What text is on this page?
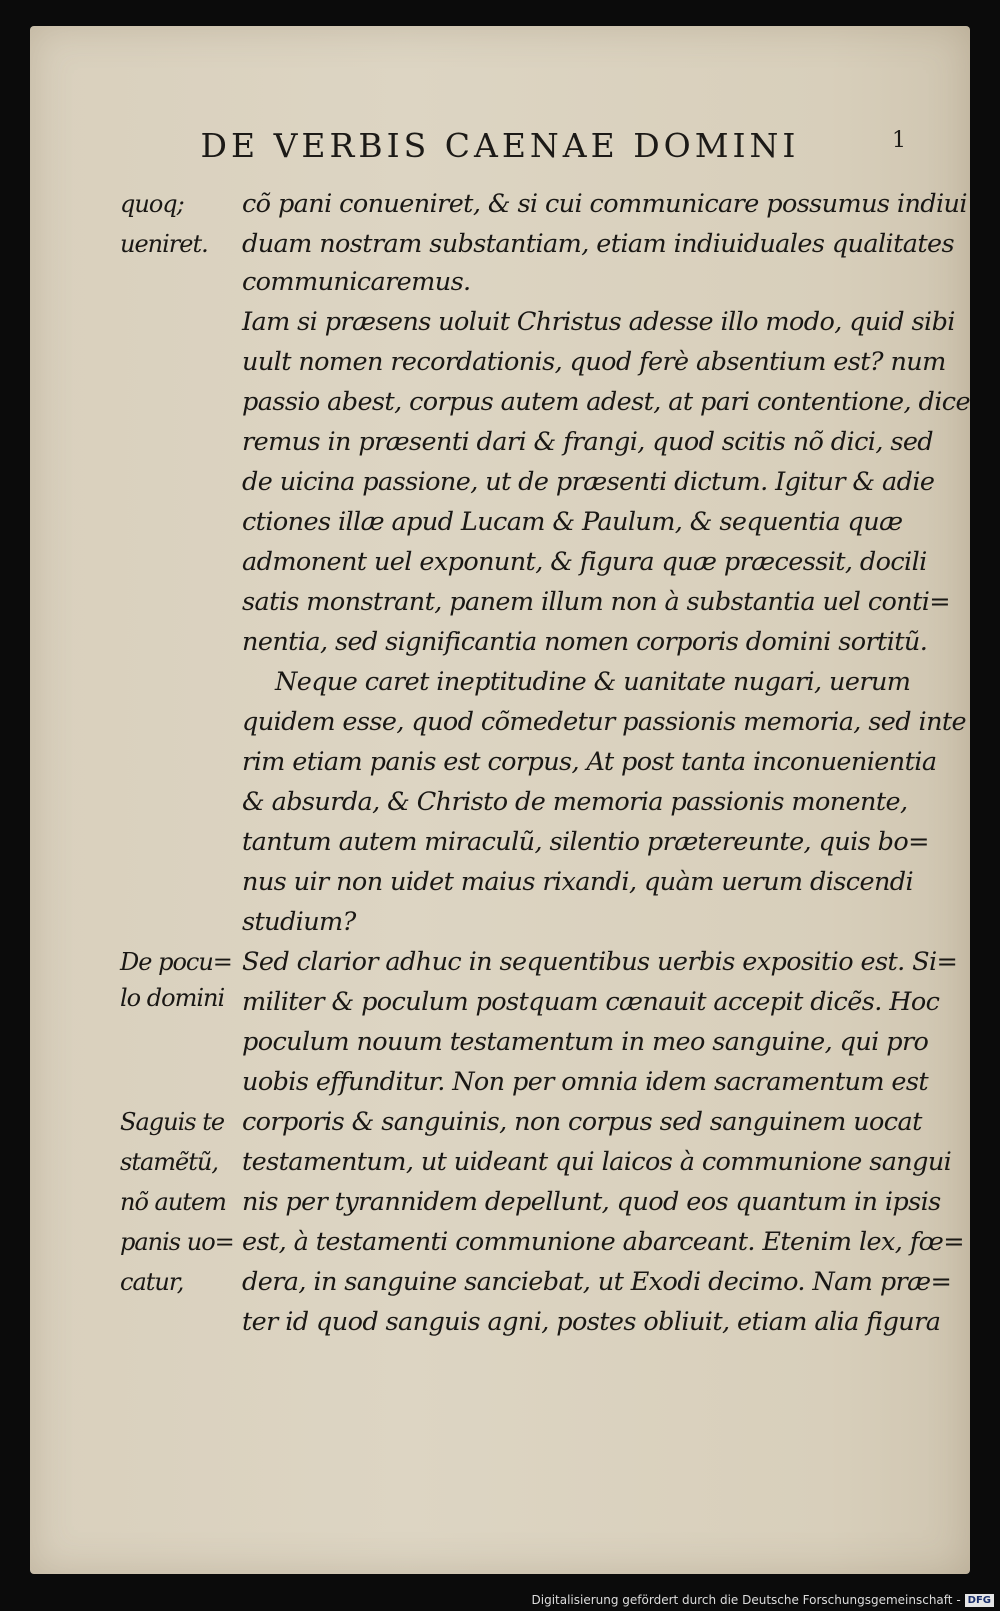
DE VERBIS CAENAE DOMINI	1
cõ pani conueniret, & si cui communicare possumus indiui
duam nostram substantiam, etiam indiuiduales qualitates
communicaremus.
Iam si præsens uoluit Christus adesse illo modo, quid sibi
uult nomen recordationis, quod ferè absentium est? num
passio abest, corpus autem adest, at pari contentione, dice
remus in præsenti dari & frangi, quod scitis nõ dici, sed
de uicina passione, ut de præsenti dictum. Igitur & adie
ctiones illæ apud Lucam & Paulum, & sequentia quæ
admonent uel exponunt, & figura quæ præcessit, docili
satis monstrant, panem illum non à substantia uel conti=
nentia, sed significantia nomen corporis domini sortitũ.
Neque caret ineptitudine & uanitate nugari, uerum
quidem esse, quod cõmedetur passionis memoria, sed inte
rim etiam panis est corpus, At post tanta inconuenientia
& absurda, & Christo de memoria passionis monente,
tantum autem miraculũ, silentio prætereunte, quis bo=
nus uir non uidet maius rixandi, quàm uerum discendi
studium?
Sed clarior adhuc in sequentibus uerbis expositio est. Si=
militer & poculum postquam cænauit accepit dicẽs. Hoc
poculum nouum testamentum in meo sanguine, qui pro
uobis effunditur. Non per omnia idem sacramentum est
corporis & sanguinis, non corpus sed sanguinem uocat
testamentum, ut uideant qui laicos à communione sangui
nis per tyrannidem depellunt, quod eos quantum in ipsis
est, à testamenti communione abarceant. Etenim lex, fœ=
dera, in sanguine sanciebat, ut Exodi decimo. Nam præ=
ter id quod sanguis agni, postes obliuit, etiam alia figura
quoq;
ueniret.
De pocu=
lo domini
Saguis te
stamẽtũ,
nõ autem
panis uo=
catur,
Digitalisierung gefördert durch die Deutsche Forschungsgemeinschaft - DFG
